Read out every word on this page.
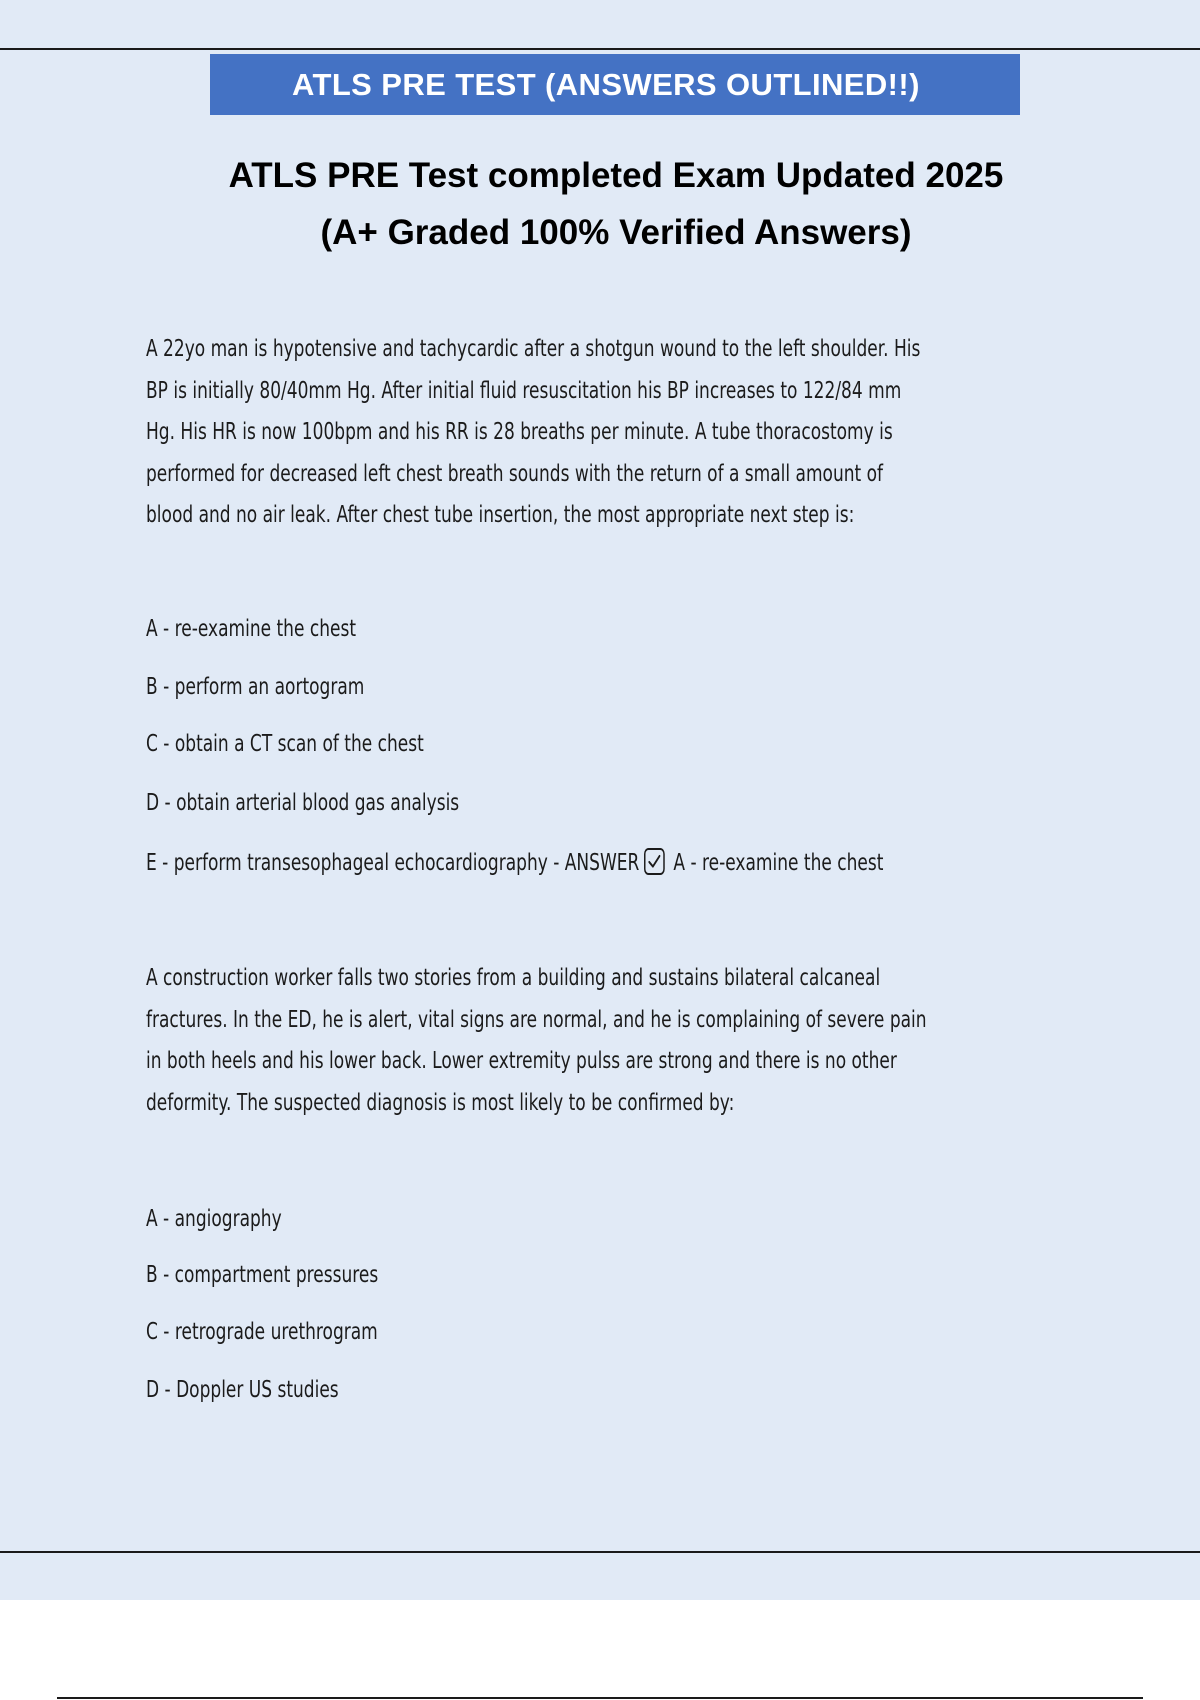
ATLS PRE TEST (ANSWERS OUTLINED!!)
ATLS PRE Test completed Exam Updated 2025
(A+ Graded 100% Verified Answers)
A 22yo man is hypotensive and tachycardic after a shotgun wound to the left shoulder. His
BP is initially 80/40mm Hg. After initial fluid resuscitation his BP increases to 122/84 mm
Hg. His HR is now 100bpm and his RR is 28 breaths per minute. A tube thoracostomy is
performed for decreased left chest breath sounds with the return of a small amount of
blood and no air leak. After chest tube insertion, the most appropriate next step is:
A - re-examine the chest
B - perform an aortogram
C - obtain a CT scan of the chest
D - obtain arterial blood gas analysis
E - perform transesophageal echocardiography - ANSWER A - re-examine the chest
A construction worker falls two stories from a building and sustains bilateral calcaneal
fractures. In the ED, he is alert, vital signs are normal, and he is complaining of severe pain
in both heels and his lower back. Lower extremity pulss are strong and there is no other
deformity. The suspected diagnosis is most likely to be confirmed by:
A - angiography
B - compartment pressures
C - retrograde urethrogram
D - Doppler US studies
